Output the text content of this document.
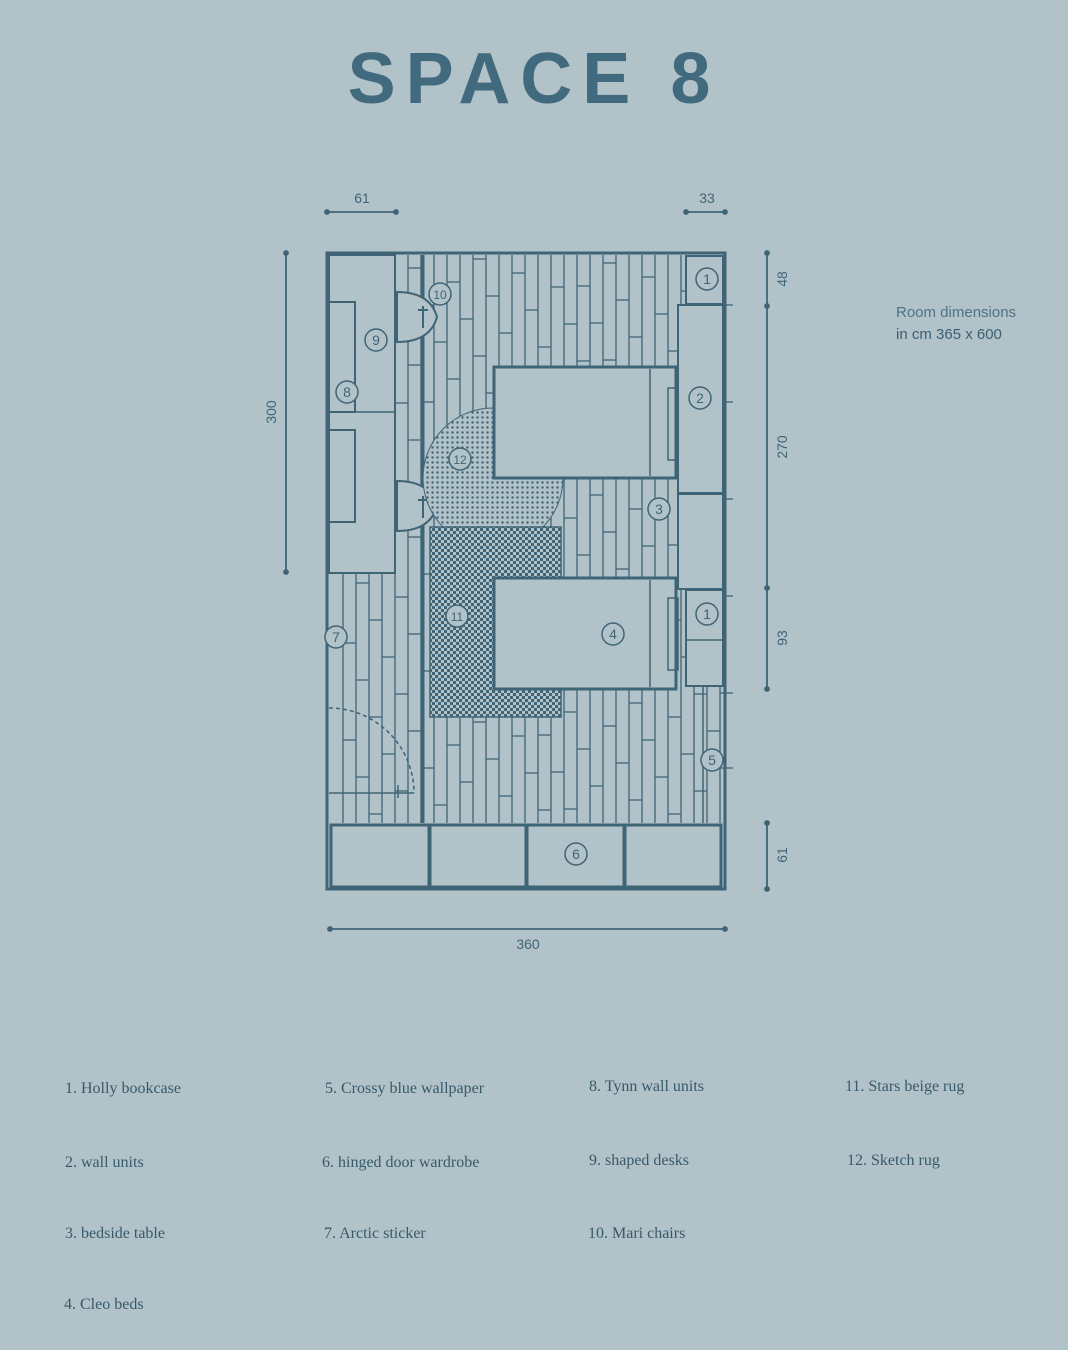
SPACE 8
61	33
300
48
270
93
61
360
1
2
3
4
5
6
7
8
9
10
11
12
1
Room dimensions
in cm 365 x 600
1. Holly bookcase
2. wall units
3. bedside table
4. Cleo beds
5. Crossy blue wallpaper
6. hinged door wardrobe
7. Arctic sticker
8. Tynn wall units
9. shaped desks
10. Mari chairs
11. Stars beige rug
12. Sketch rug
